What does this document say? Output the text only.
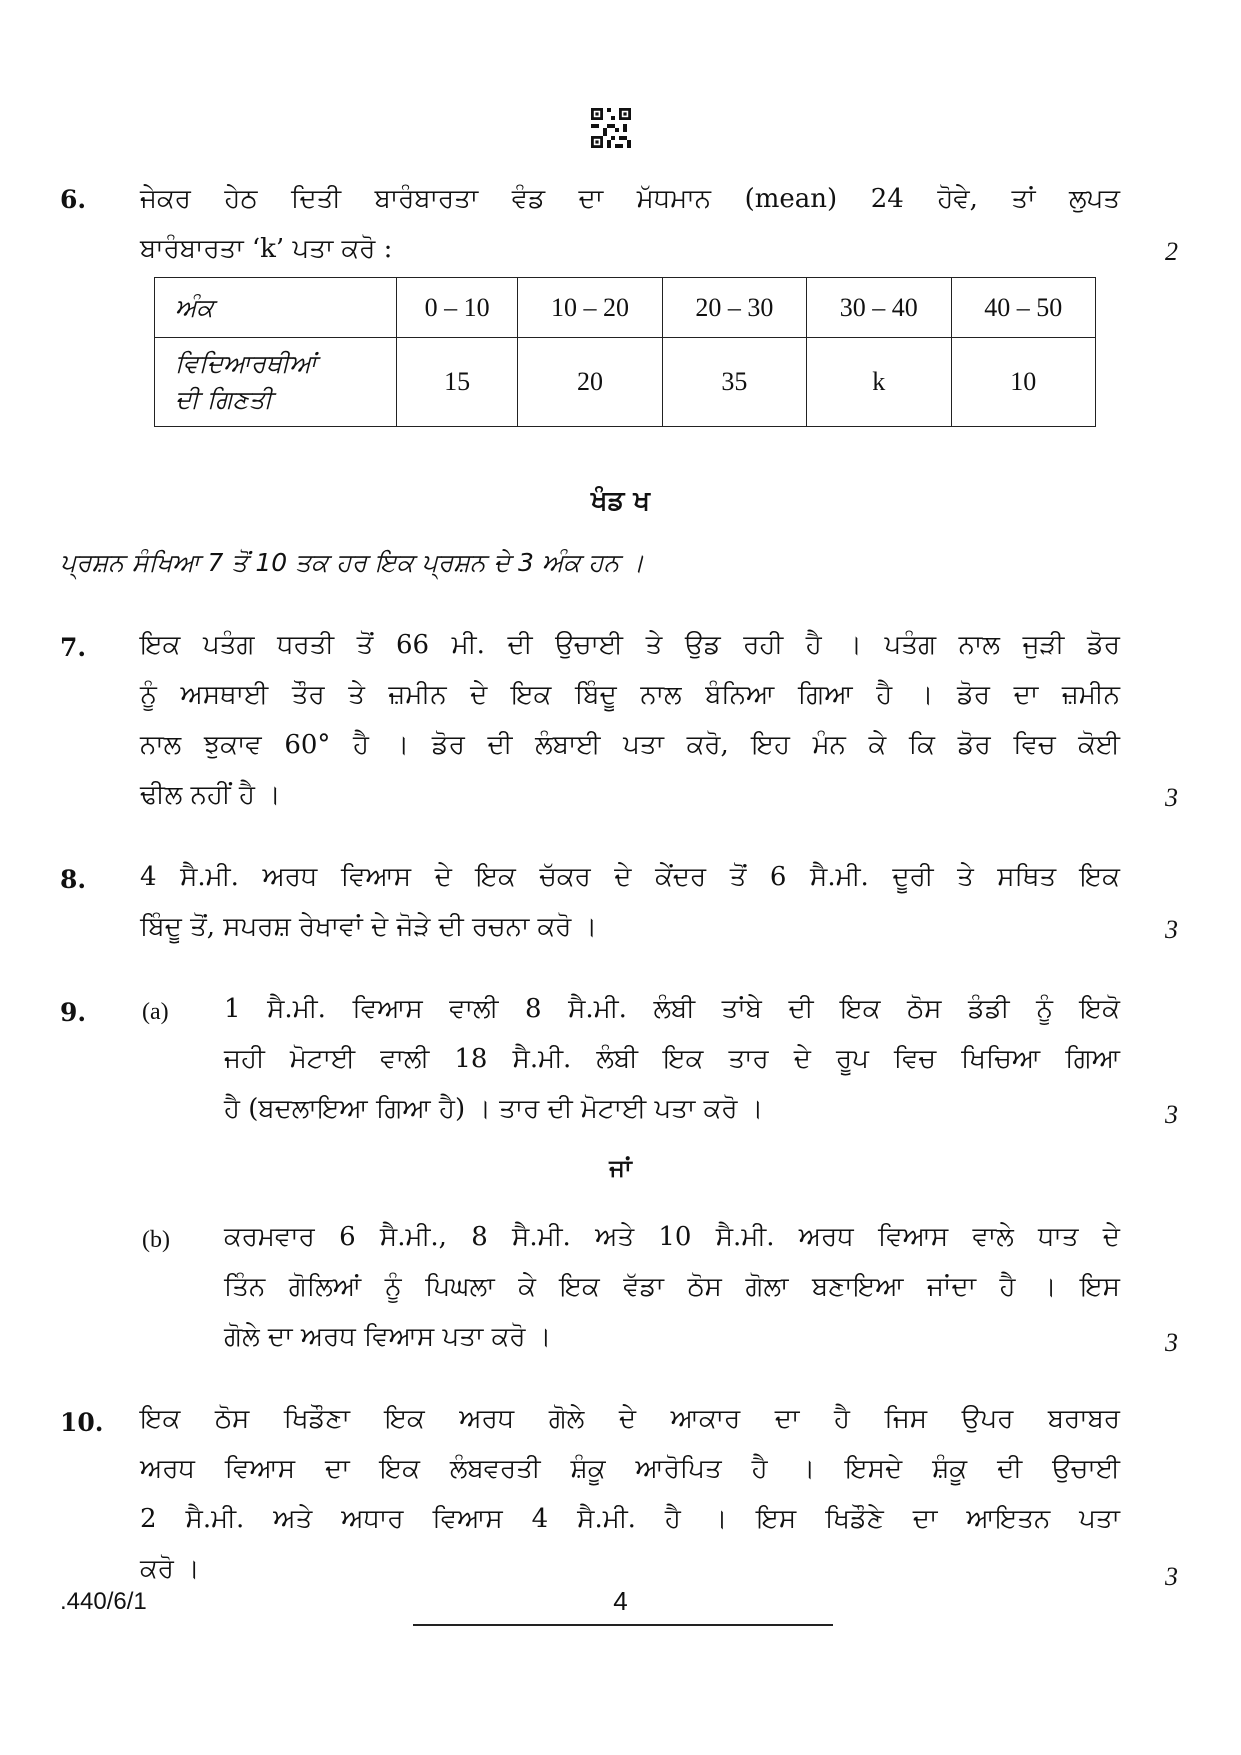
6. ਜੇਕਰ ਹੇਠ ਦਿਤੀ ਬਾਰੰਬਾਰਤਾ ਵੰਡ ਦਾ ਮੱਧਮਾਨ (mean) 24 ਹੋਵੇ, ਤਾਂ ਲੁਪਤ
ਬਾਰੰਬਾਰਤਾ ‘k’ ਪਤਾ ਕਰੋ :	2
ਅੰਕ	0 – 10	10 – 20	20 – 30	30 – 40	40 – 50

ਵਿਦਿਆਰਥੀਆਂ
ਦੀ ਗਿਣਤੀ	15	20	35	k	10
ਖੰਡ ਖ
ਪ੍ਰਸ਼ਨ ਸੰਖਿਆ 7 ਤੋਂ 10 ਤਕ ਹਰ ਇਕ ਪ੍ਰਸ਼ਨ ਦੇ 3 ਅੰਕ ਹਨ ।
7. ਇਕ ਪਤੰਗ ਧਰਤੀ ਤੋਂ 66 ਮੀ. ਦੀ ਉਚਾਈ ਤੇ ਉਡ ਰਹੀ ਹੈ । ਪਤੰਗ ਨਾਲ ਜੁੜੀ ਡੋਰ
ਨੂੰ ਅਸਥਾਈ ਤੌਰ ਤੇ ਜ਼ਮੀਨ ਦੇ ਇਕ ਬਿੰਦੂ ਨਾਲ ਬੰਨਿਆ ਗਿਆ ਹੈ । ਡੋਰ ਦਾ ਜ਼ਮੀਨ
ਨਾਲ ਝੁਕਾਵ 60° ਹੈ । ਡੋਰ ਦੀ ਲੰਬਾਈ ਪਤਾ ਕਰੋ, ਇਹ ਮੰਨ ਕੇ ਕਿ ਡੋਰ ਵਿਚ ਕੋਈ
ਢੀਲ ਨਹੀਂ ਹੈ ।	3
8. 4 ਸੈ.ਮੀ. ਅਰਧ ਵਿਆਸ ਦੇ ਇਕ ਚੱਕਰ ਦੇ ਕੇਂਦਰ ਤੋਂ 6 ਸੈ.ਮੀ. ਦੂਰੀ ਤੇ ਸਥਿਤ ਇਕ
ਬਿੰਦੂ ਤੋਂ, ਸਪਰਸ਼ ਰੇਖਾਵਾਂ ਦੇ ਜੋੜੇ ਦੀ ਰਚਨਾ ਕਰੋ ।	3
9. (a) 1 ਸੈ.ਮੀ. ਵਿਆਸ ਵਾਲੀ 8 ਸੈ.ਮੀ. ਲੰਬੀ ਤਾਂਬੇ ਦੀ ਇਕ ਠੋਸ ਡੰਡੀ ਨੂੰ ਇਕੋ
ਜਹੀ ਮੋਟਾਈ ਵਾਲੀ 18 ਸੈ.ਮੀ. ਲੰਬੀ ਇਕ ਤਾਰ ਦੇ ਰੂਪ ਵਿਚ ਖਿਚਿਆ ਗਿਆ
ਹੈ (ਬਦਲਾਇਆ ਗਿਆ ਹੈ) । ਤਾਰ ਦੀ ਮੋਟਾਈ ਪਤਾ ਕਰੋ ।	3
ਜਾਂ
(b) ਕਰਮਵਾਰ 6 ਸੈ.ਮੀ., 8 ਸੈ.ਮੀ. ਅਤੇ 10 ਸੈ.ਮੀ. ਅਰਧ ਵਿਆਸ ਵਾਲੇ ਧਾਤ ਦੇ
ਤਿੰਨ ਗੋਲਿਆਂ ਨੂੰ ਪਿਘਲਾ ਕੇ ਇਕ ਵੱਡਾ ਠੋਸ ਗੋਲਾ ਬਣਾਇਆ ਜਾਂਦਾ ਹੈ । ਇਸ
ਗੋਲੇ ਦਾ ਅਰਧ ਵਿਆਸ ਪਤਾ ਕਰੋ ।	3
10. ਇਕ ਠੋਸ ਖਿਡੌਣਾ ਇਕ ਅਰਧ ਗੋਲੇ ਦੇ ਆਕਾਰ ਦਾ ਹੈ ਜਿਸ ਉਪਰ ਬਰਾਬਰ
ਅਰਧ ਵਿਆਸ ਦਾ ਇਕ ਲੰਬਵਰਤੀ ਸ਼ੰਕੂ ਆਰੋਪਿਤ ਹੈ । ਇਸਦੇ ਸ਼ੰਕੂ ਦੀ ਉਚਾਈ
2 ਸੈ.ਮੀ. ਅਤੇ ਅਧਾਰ ਵਿਆਸ 4 ਸੈ.ਮੀ. ਹੈ । ਇਸ ਖਿਡੌਣੇ ਦਾ ਆਇਤਨ ਪਤਾ
ਕਰੋ ।	3
.440/6/1	4
